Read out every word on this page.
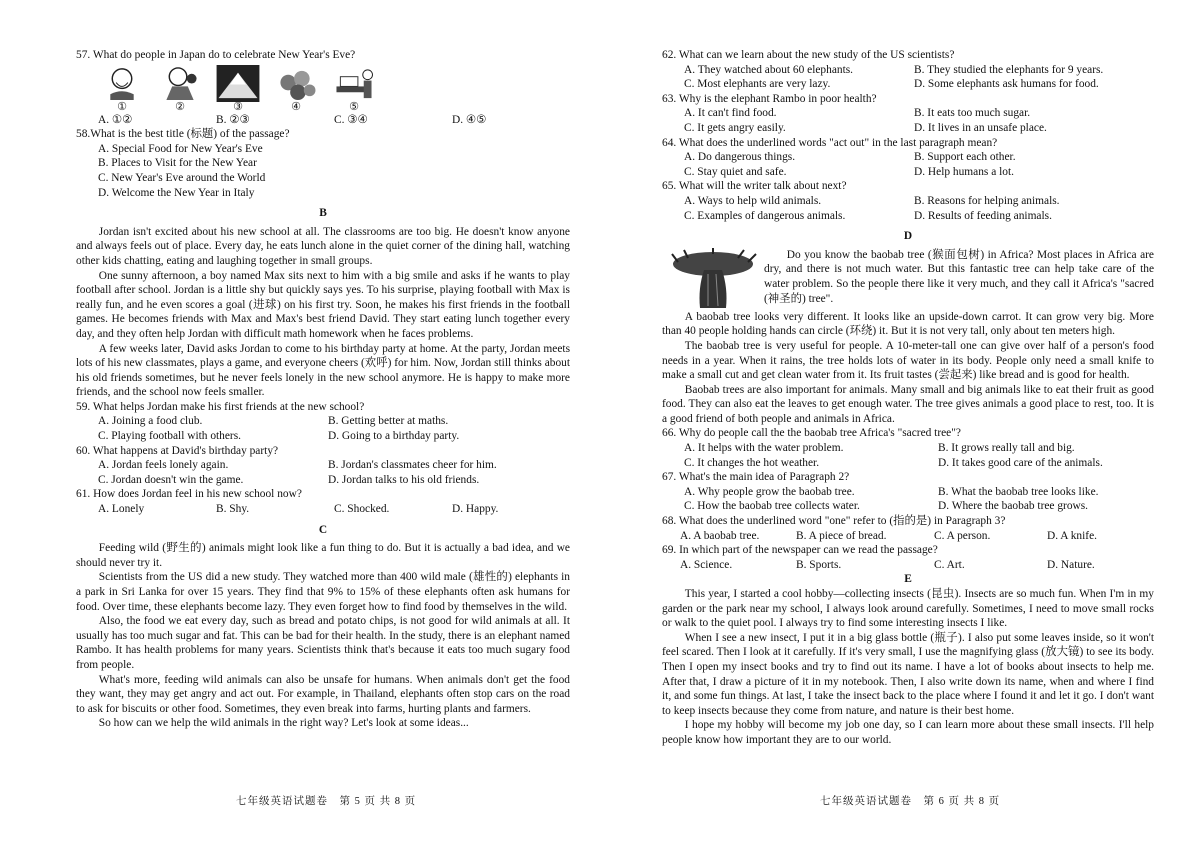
57. What do people in Japan do to celebrate New Year's Eve?

①	②	③	④	⑤

A. ①②	B. ②③	C. ③④	D. ④⑤

58.What is the best title (标题) of the passage?

A. Special Food for New Year's Eve

B. Places to Visit for the New Year

C. New Year's Eve around the World

D. Welcome the New Year in Italy

B

Jordan isn't excited about his new school at all. The classrooms are too big. He doesn't know anyone and always feels out of place. Every day, he eats lunch alone in the quiet corner of the dining hall, watching other kids chatting, eating and laughing together in small groups.

One sunny afternoon, a boy named Max sits next to him with a big smile and asks if he wants to play football after school. Jordan is a little shy but quickly says yes. To his surprise, playing football with Max is really fun, and he even scores a goal (进球) on his first try. Soon, he makes his first friends in the football games. He becomes friends with Max and Max's best friend David. They start eating lunch together every day, and they often help Jordan with difficult math homework when he faces problems.

A few weeks later, David asks Jordan to come to his birthday party at home. At the party, Jordan meets lots of his new classmates, plays a game, and everyone cheers (欢呼) for him. Now, Jordan still thinks about his old friends sometimes, but he never feels lonely in the new school anymore. He is happy to make more friends, and the school now feels smaller.

59. What helps Jordan make his first friends at the new school?

A. Joining a food club.	B. Getting better at maths.

C. Playing football with others.	D. Going to a birthday party.

60. What happens at David's birthday party?

A. Jordan feels lonely again.	B. Jordan's classmates cheer for him.

C. Jordan doesn't win the game.	D. Jordan talks to his old friends.

61. How does Jordan feel in his new school now?

A. Lonely	B. Shy.	C. Shocked.	D. Happy.

C

Feeding wild (野生的) animals might look like a fun thing to do. But it is actually a bad idea, and we should never try it.

Scientists from the US did a new study. They watched more than 400 wild male (雄性的) elephants in a park in Sri Lanka for over 15 years. They find that 9% to 15% of these elephants often ask humans for food. Over time, these elephants become lazy. They even forget how to find food by themselves in the wild.

Also, the food we eat every day, such as bread and potato chips, is not good for wild animals at all. It usually has too much sugar and fat. This can be bad for their health. In the study, there is an elephant named Rambo. It has health problems for many years. Scientists think that's because it eats too much sugary food from people.

What's more, feeding wild animals can also be unsafe for humans. When animals don't get the food they want, they may get angry and act out. For example, in Thailand, elephants often stop cars on the road to ask for biscuits or other food. Sometimes, they even break into farms, hurting plants and farmers.

So how can we help the wild animals in the right way? Let's look at some ideas...

七年级英语试题卷　第 5 页 共 8 页

62. What can we learn about the new study of the US scientists?

A. They watched about 60 elephants.	B. They studied the elephants for 9 years.

C. Most elephants are very lazy.	D. Some elephants ask humans for food.

63. Why is the elephant Rambo in poor health?

A. It can't find food.	B. It eats too much sugar.

C. It gets angry easily.	D. It lives in an unsafe place.

64. What does the underlined words "act out" in the last paragraph mean?

A. Do dangerous things.	B. Support each other.

C. Stay quiet and safe.	D. Help humans a lot.

65. What will the writer talk about next?

A. Ways to help wild animals.	B. Reasons for helping animals.

C. Examples of dangerous animals.	D. Results of feeding animals.

D

Do you know the baobab tree (猴面包树) in Africa? Most places in Africa are dry, and there is not much water. But this fantastic tree can help take care of the water problem. So the people there like it very much, and they call it Africa's "sacred (神圣的) tree".

A baobab tree looks very different. It looks like an upside-down carrot. It can grow very big. More than 40 people holding hands can circle (环绕) it. But it is not very tall, only about ten meters high.

The baobab tree is very useful for people. A 10-meter-tall one can give over half of a person's food needs in a year. When it rains, the tree holds lots of water in its body. People only need a small knife to make a small cut and get clean water from it. Its fruit tastes (尝起来) like bread and is good for health.

Baobab trees are also important for animals. Many small and big animals like to eat their fruit as good food. They can also eat the leaves to get enough water. The tree gives animals a good place to rest, too. It is a good friend of both people and animals in Africa.

66. Why do people call the the baobab tree Africa's "sacred tree"?

A. It helps with the water problem.	B. It grows really tall and big.

C. It changes the hot weather.	D. It takes good care of the animals.

67. What's the main idea of Paragraph 2?

A. Why people grow the baobab tree.	B. What the baobab tree looks like.

C. How the baobab tree collects water.	D. Where the baobab tree grows.

68. What does the underlined word "one" refer to (指的是) in Paragraph 3?

A. A baobab tree.	B. A piece of bread.	C. A person.	D. A knife.

69. In which part of the newspaper can we read the passage?

A. Science.	B. Sports.	C. Art.	D. Nature.

E

This year, I started a cool hobby—collecting insects (昆虫). Insects are so much fun. When I'm in my garden or the park near my school, I always look around carefully. Sometimes, I need to move small rocks or walk to the quiet pool. I always try to find some interesting insects I like.

When I see a new insect, I put it in a big glass bottle (瓶子). I also put some leaves inside, so it won't feel scared. Then I look at it carefully. If it's very small, I use the magnifying glass (放大镜) to see its body. Then I open my insect books and try to find out its name. I have a lot of books about insects to help me. After that, I draw a picture of it in my notebook. Then, I also write down its name, when and where I find it, and some fun things. At last, I take the insect back to the place where I found it and let it go. I don't want to keep insects because they come from nature, and nature is their best home.

I hope my hobby will become my job one day, so I can learn more about these small insects. I'll help people know how important they are to our world.

七年级英语试题卷　第 6 页 共 8 页
